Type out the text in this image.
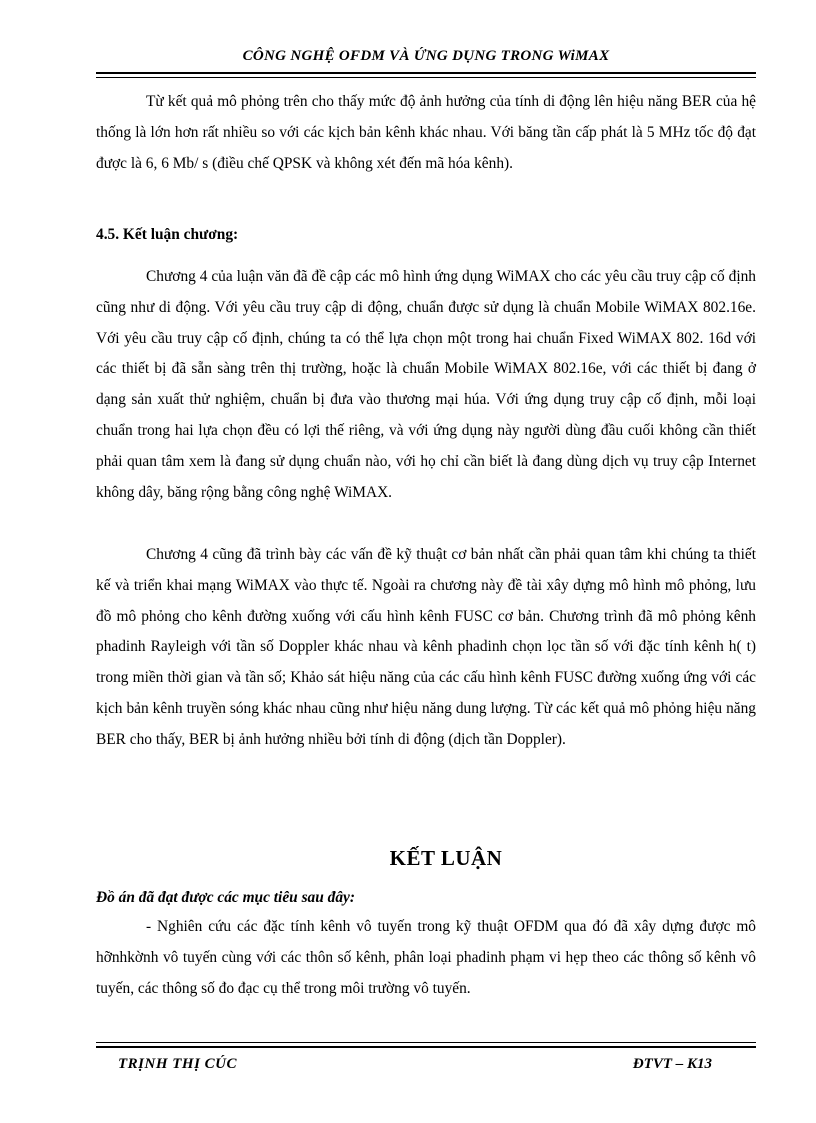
CÔNG NGHỆ OFDM VÀ ỨNG DỤNG TRONG WiMAX

Từ kết quả mô phỏng trên cho thấy mức độ ảnh hưởng của tính di động lên hiệu năng BER của hệ thống là lớn hơn rất nhiều so với các kịch bản kênh khác nhau. Với băng tần cấp phát là 5 MHz tốc độ đạt được là 6, 6 Mb/ s (điều chế QPSK và không xét đến mã hóa kênh).

4.5. Kết luận chương:

Chương 4 của luận văn đã đề cập các mô hình ứng dụng WiMAX cho các yêu cầu truy cập cố định cũng như di động. Với yêu cầu truy cập di động, chuẩn được sử dụng là chuẩn Mobile WiMAX 802.16e. Với yêu cầu truy cập cố định, chúng ta có thể lựa chọn một trong hai chuẩn Fixed WiMAX 802. 16d với các thiết bị đã sẵn sàng trên thị trường, hoặc là chuẩn Mobile WiMAX 802.16e, với các thiết bị đang ở dạng sản xuất thử nghiệm, chuẩn bị đưa vào thương mại húa. Với ứng dụng truy cập cố định, mỗi loại chuẩn trong hai lựa chọn đều có lợi thế riêng, và với ứng dụng này người dùng đầu cuối không cần thiết phải quan tâm xem là đang sử dụng chuẩn nào, với họ chỉ cần biết là đang dùng dịch vụ truy cập Internet không dây, băng rộng bằng công nghệ WiMAX.

Chương 4 cũng đã trình bày các vấn đề kỹ thuật cơ bản nhất cần phải quan tâm khi chúng ta thiết kế và triển khai mạng WiMAX vào thực tế. Ngoài ra chương này đề tài xây dựng mô hình mô phỏng, lưu đồ mô phỏng cho kênh đường xuống với cấu hình kênh FUSC cơ bản. Chương trình đã mô phỏng kênh phadinh Rayleigh với tần số Doppler khác nhau và kênh phadinh chọn lọc tần số với đặc tính kênh h( t) trong miền thời gian và tần số; Khảo sát hiệu năng của các cấu hình kênh FUSC đường xuống ứng với các kịch bản kênh truyền sóng khác nhau cũng như hiệu năng dung lượng. Từ các kết quả mô phỏng hiệu năng BER cho thấy, BER bị ảnh hưởng nhiều bởi tính di động (dịch tần Doppler).

KẾT LUẬN
Đồ án đã đạt được các mục tiêu sau đây:

- Nghiên cứu các đặc tính kênh vô tuyến trong kỹ thuật OFDM qua đó đã xây dựng được mô hỡnhkờnh vô tuyến cùng với các thôn số kênh, phân loại phadinh phạm vi hẹp theo các thông số kênh vô tuyến, các thông số đo đạc cụ thể trong môi trường vô tuyến.

TRỊNH THỊ CÚC	ĐTVT – K13
